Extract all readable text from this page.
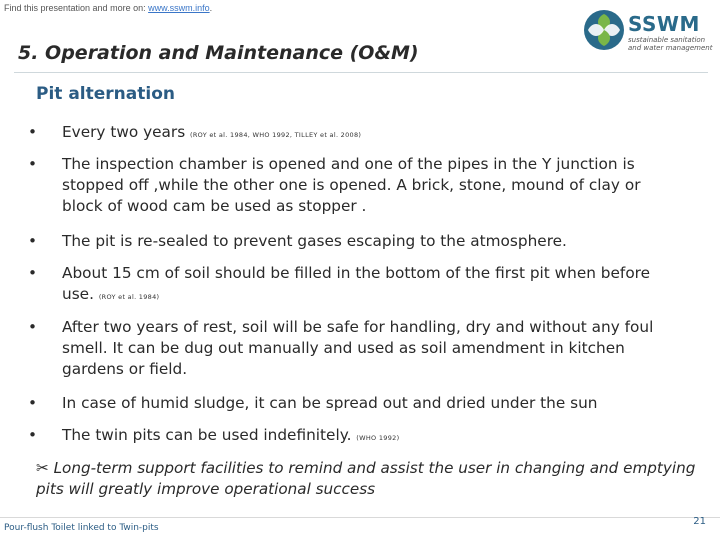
Find this presentation and more on: www.sswm.info.
SSWM
sustainable sanitation and water management
5. Operation and Maintenance (O&M)
Pit alternation
•	Every two years (ROY et al. 1984, WHO 1992, TILLEY et al. 2008)
•	The inspection chamber is opened and one of the pipes in the Y junction is stopped off ,while the other one is opened. A brick, stone, mound of clay or block of wood cam be used as stopper .
•	The pit is re-sealed to prevent gases escaping to the atmosphere.
•	About 15 cm of soil should be filled in the bottom of the first pit when before use. (ROY et al. 1984)
•	After two years of rest, soil will be safe for handling, dry and without any foul smell. It can be dug out manually and used as soil amendment in kitchen gardens or field.
•	In case of humid sludge, it can be spread out and dried under the sun
•	The twin pits can be used indefinitely. (WHO 1992)
✂ Long-term support facilities to remind and assist the user in changing and emptying pits will greatly improve operational success
Pour-flush Toilet linked to Twin-pits
21
